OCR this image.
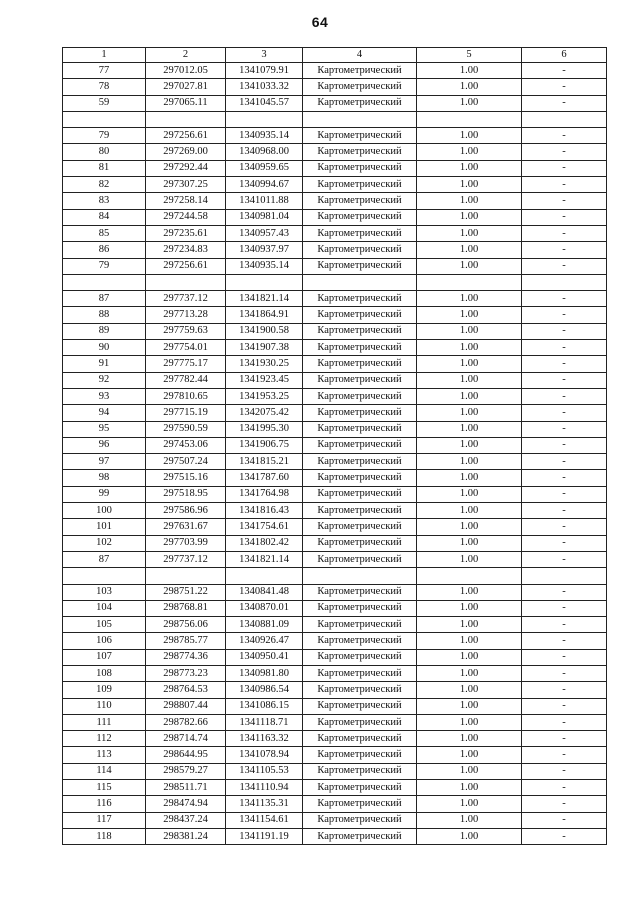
64
1	2	3	4	5	6
77	297012.05	1341079.91	Картометрический	1.00	-
78	297027.81	1341033.32	Картометрический	1.00	-
59	297065.11	1341045.57	Картометрический	1.00	-

79	297256.61	1340935.14	Картометрический	1.00	-
80	297269.00	1340968.00	Картометрический	1.00	-
81	297292.44	1340959.65	Картометрический	1.00	-
82	297307.25	1340994.67	Картометрический	1.00	-
83	297258.14	1341011.88	Картометрический	1.00	-
84	297244.58	1340981.04	Картометрический	1.00	-
85	297235.61	1340957.43	Картометрический	1.00	-
86	297234.83	1340937.97	Картометрический	1.00	-
79	297256.61	1340935.14	Картометрический	1.00	-

87	297737.12	1341821.14	Картометрический	1.00	-
88	297713.28	1341864.91	Картометрический	1.00	-
89	297759.63	1341900.58	Картометрический	1.00	-
90	297754.01	1341907.38	Картометрический	1.00	-
91	297775.17	1341930.25	Картометрический	1.00	-
92	297782.44	1341923.45	Картометрический	1.00	-
93	297810.65	1341953.25	Картометрический	1.00	-
94	297715.19	1342075.42	Картометрический	1.00	-
95	297590.59	1341995.30	Картометрический	1.00	-
96	297453.06	1341906.75	Картометрический	1.00	-
97	297507.24	1341815.21	Картометрический	1.00	-
98	297515.16	1341787.60	Картометрический	1.00	-
99	297518.95	1341764.98	Картометрический	1.00	-
100	297586.96	1341816.43	Картометрический	1.00	-
101	297631.67	1341754.61	Картометрический	1.00	-
102	297703.99	1341802.42	Картометрический	1.00	-
87	297737.12	1341821.14	Картометрический	1.00	-

103	298751.22	1340841.48	Картометрический	1.00	-
104	298768.81	1340870.01	Картометрический	1.00	-
105	298756.06	1340881.09	Картометрический	1.00	-
106	298785.77	1340926.47	Картометрический	1.00	-
107	298774.36	1340950.41	Картометрический	1.00	-
108	298773.23	1340981.80	Картометрический	1.00	-
109	298764.53	1340986.54	Картометрический	1.00	-
110	298807.44	1341086.15	Картометрический	1.00	-
111	298782.66	1341118.71	Картометрический	1.00	-
112	298714.74	1341163.32	Картометрический	1.00	-
113	298644.95	1341078.94	Картометрический	1.00	-
114	298579.27	1341105.53	Картометрический	1.00	-
115	298511.71	1341110.94	Картометрический	1.00	-
116	298474.94	1341135.31	Картометрический	1.00	-
117	298437.24	1341154.61	Картометрический	1.00	-
118	298381.24	1341191.19	Картометрический	1.00	-
